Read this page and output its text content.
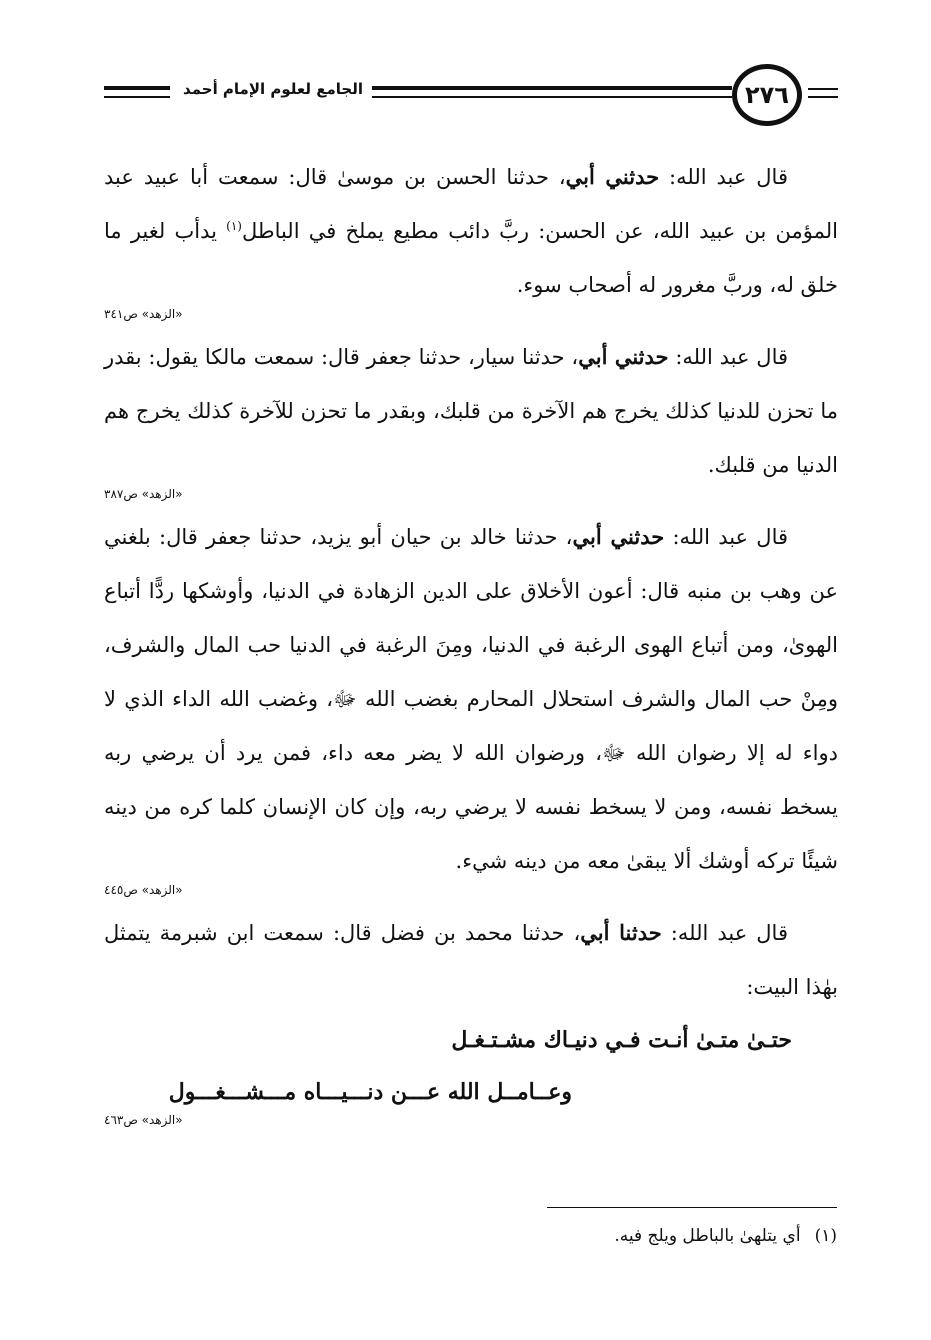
الجامع لعلوم الإمام أحمد	٢٧٦

قال عبد الله: حدثني أبي، حدثنا الحسن بن موسىٰ قال: سمعت أبا عبيد عبد المؤمن بن عبيد الله، عن الحسن: ربَّ دائب مطيع يملخ في الباطل$^{(١)}$ يدأب لغير ما خلق له، وربَّ مغرور له أصحاب سوء.

«الزهد» ص٣٤١

قال عبد الله: حدثني أبي، حدثنا سيار، حدثنا جعفر قال: سمعت مالكا يقول: بقدر ما تحزن للدنيا كذلك يخرج هم الآخرة من قلبك، وبقدر ما تحزن للآخرة كذلك يخرج هم الدنيا من قلبك.

«الزهد» ص٣٨٧

قال عبد الله: حدثني أبي، حدثنا خالد بن حيان أبو يزيد، حدثنا جعفر قال: بلغني عن وهب بن منبه قال: أعون الأخلاق على الدين الزهادة في الدنيا، وأوشكها ردًّا أتباع الهوىٰ، ومن أتباع الهوى الرغبة في الدنيا، ومِنَ الرغبة في الدنيا حب المال والشرف، ومِنْ حب المال والشرف استحلال المحارم بغضب الله ﷻ، وغضب الله الداء الذي لا دواء له إلا رضوان الله ﷻ، ورضوان الله لا يضر معه داء، فمن يرد أن يرضي ربه يسخط نفسه، ومن لا يسخط نفسه لا يرضي ربه، وإن كان الإنسان كلما كره من دينه شيئًا تركه أوشك ألا يبقىٰ معه من دينه شيء.

«الزهد» ص٤٤٥

قال عبد الله: حدثنا أبي، حدثنا محمد بن فضل قال: سمعت ابن شبرمة يتمثل بهٰذا البيت:

حتـىٰ متـىٰ أنـت فـي دنيـاك مشـتـغـل

وعــامــل الله عـــن دنـــيـــاه مـــشـــغـــول

«الزهد» ص٤٦٣
(١)أي يتلهىٰ بالباطل ويلج فيه.
